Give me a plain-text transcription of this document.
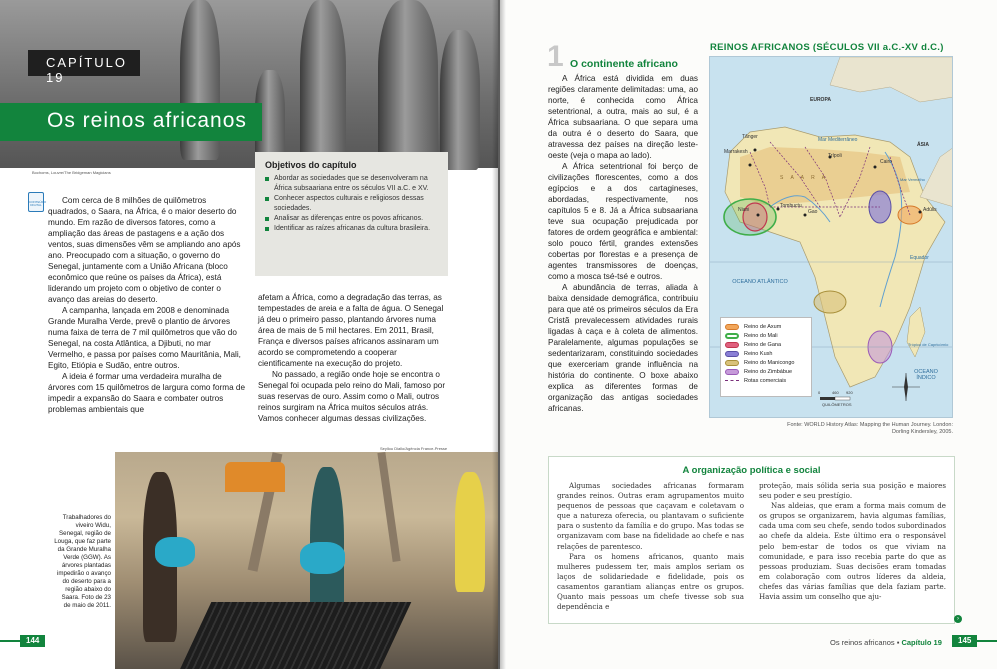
CAPÍTULO 19
Os reinos africanos
Bochoms, Louvre/The Bridgeman Magicians
CONTEÚDO DIGITAL
Objetivos do capítulo
Abordar as sociedades que se desenvolveram na África subsaariana entre os séculos VII a.C. e XV.
Conhecer aspectos culturais e religiosos dessas sociedades.
Analisar as diferenças entre os povos africanos.
Identificar as raízes africanas da cultura brasileira.

Com cerca de 8 milhões de quilômetros quadrados, o Saara, na África, é o maior deserto do mundo. Em razão de diversos fatores, como a ampliação das áreas de pastagens e a ação dos ventos, suas dimensões vêm se ampliando ano após ano. Preocupado com a situação, o governo do Senegal, juntamente com a União Africana (bloco econômico que reúne os países da África), está liderando um projeto com o objetivo de conter o avanço das areias do deserto.

A campanha, lançada em 2008 e denominada Grande Muralha Verde, prevê o plantio de árvores numa faixa de terra de 7 mil quilômetros que vão do Senegal, na costa Atlântica, a Djibuti, no mar Vermelho, e passa por países como Mauritânia, Mali, Egito, Etiópia e Sudão, entre outros.

A ideia é formar uma verdadeira muralha de árvores com 15 quilômetros de largura como forma de impedir a expansão do Saara e combater outros problemas ambientais que

afetam a África, como a degradação das terras, as tempestades de areia e a falta de água. O Senegal já deu o primeiro passo, plantando árvores numa área de mais de 5 mil hectares. Em 2011, Brasil, França e diversos países africanos assinaram um acordo se comprometendo a cooperar cientificamente na execução do projeto.

No passado, a região onde hoje se encontra o Senegal foi ocupada pelo reino do Mali, famoso por suas reservas de ouro. Assim como o Mali, outros reinos surgiram na África muitos séculos atrás. Vamos conhecer algumas dessas civilizações.

Seyllou Diallo/Agência France-Presse
Trabalhadores do viveiro Widu, Senegal, região de Louga, que faz parte da Grande Muralha Verde (GGW). As árvores plantadas impedirão o avanço do deserto para a região abaixo do Saara. Foto de 23 de maio de 2011.
144
1 O continente africano

A África está dividida em duas regiões claramente delimitadas: uma, ao norte, é conhecida como África setentrional, a outra, mais ao sul, é a África subsaariana. O que separa uma da outra é o deserto do Saara, que atravessa dez países na direção leste-oeste (veja o mapa ao lado).

A África setentrional foi berço de civilizações florescentes, como a dos egípcios e a dos cartagineses, abordadas, respectivamente, nos capítulos 5 e 8. Já a África subsaariana teve sua ocupação prejudicada por fatores de ordem geográfica e ambiental: solo pouco fértil, grandes extensões cobertas por florestas e a presença de agentes transmissores de doenças, como a mosca tsé-tsé e outros.

A abundância de terras, aliada à baixa densidade demográfica, contribuiu para que até os primeiros séculos da Era Cristã prevalecessem atividades rurais ligadas à caça e à coleta de alimentos. Paralelamente, algumas populações se sedentarizaram, constituindo sociedades que exerceriam grande influência na história do continente. O boxe abaixo explica as diferentes formas de organização das antigas sociedades africanas.

REINOS AFRICANOS (SÉCULOS VII a.C.-XV d.C.)
EUROPA
ÁSIA
Tânger
Marrakesh
Mar Mediterrâneo
Trípoli
Cairo
S A A R A
Tombuctu
Niani	Gao	Adúlis
Equador
Mar Vermelho
Trópico de Capricórnio
OCEANO ATLÂNTICO
OCEANO ÍNDICO
QUILÔMETROS
0	460 920
Reino de Axum
Reino do Mali
Reino de Gana
Reino Kush
Reino do Manicongo
Reino do Zimbábue
Rotas comerciais
Fonte: WORLD History Atlas: Mapping the Human Journey. London: Dorling Kindersley, 2005.
A organização política e social

Algumas sociedades africanas formaram grandes reinos. Outras eram agrupamentos muito pequenos de pessoas que caçavam e coletavam o que a natureza oferecia, ou plantavam o suficiente para o sustento da família e do grupo. Mas todas se organizavam com base na fidelidade ao chefe e nas relações de parentesco.

Para os homens africanos, quanto mais mulheres pudessem ter, mais amplos seriam os laços de solidariedade e fidelidade, pois os casamentos garantiam alianças entre os grupos. Quanto mais pessoas um chefe tivesse sob sua dependência e

proteção, mais sólida seria sua posição e maiores seu poder e seu prestígio.

Nas aldeias, que eram a forma mais comum de os grupos se organizarem, havia algumas famílias, cada uma com seu chefe, sendo todos subordinados ao chefe da aldeia. Este último era o responsável pelo bem-estar de todos os que viviam na comunidade, e para isso recebia parte do que as pessoas produziam. Suas decisões eram tomadas em colaboração com outros líderes da aldeia, chefes das várias famílias que dela faziam parte. Havia assim um conselho que aju-

›
Os reinos africanos ▪ Capítulo 19	145
